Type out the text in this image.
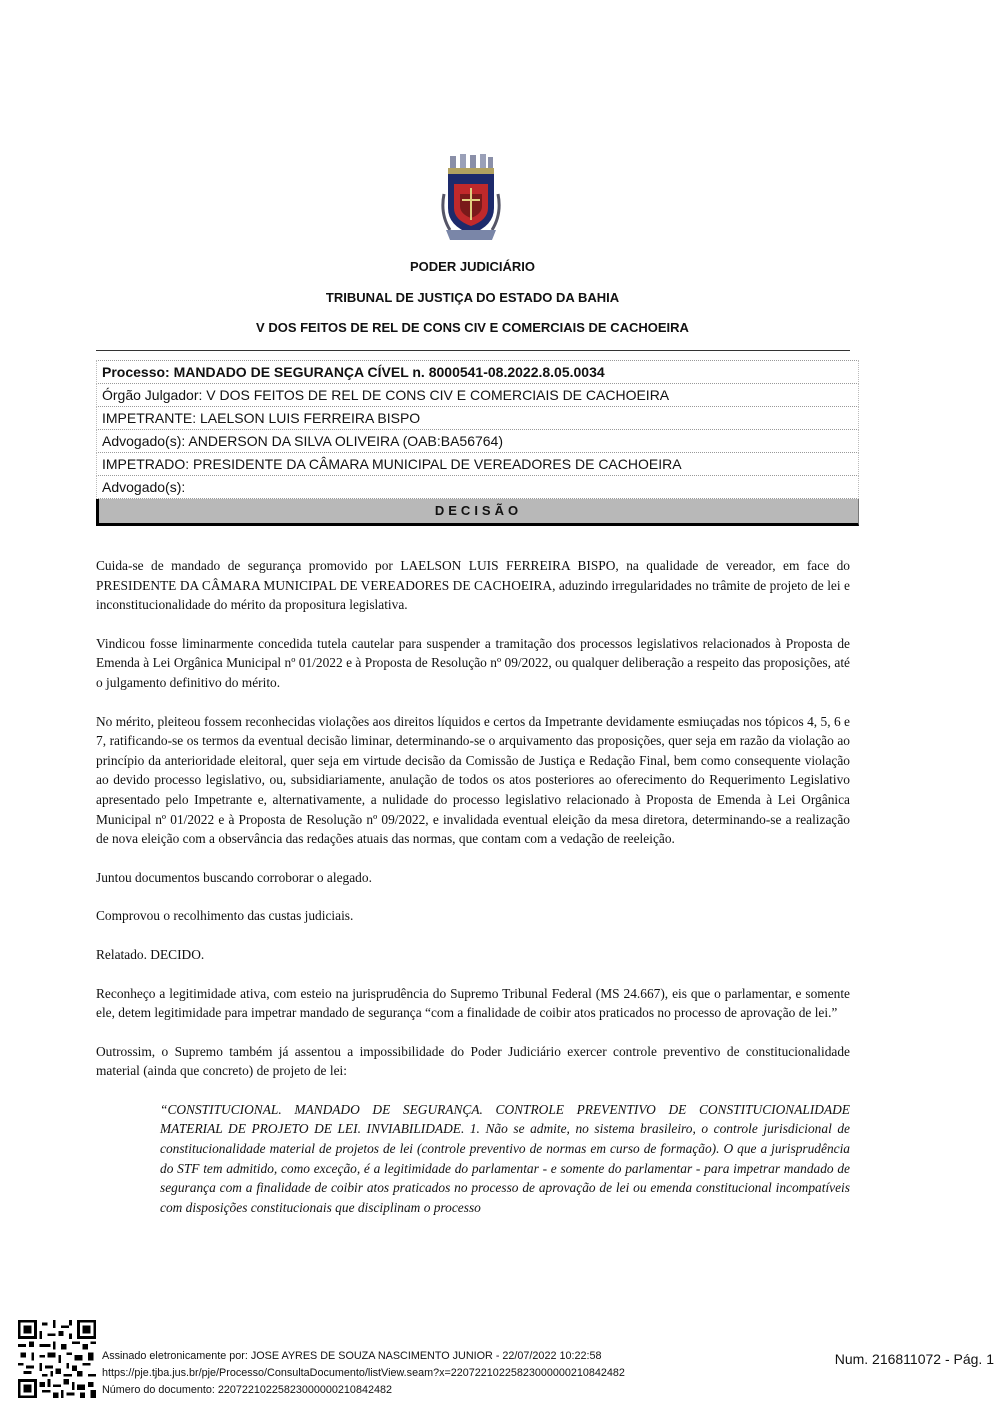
PODER JUDICIÁRIO
TRIBUNAL DE JUSTIÇA DO ESTADO DA BAHIA
V DOS FEITOS DE REL DE CONS CIV E COMERCIAIS DE CACHOEIRA
Processo: MANDADO DE SEGURANÇA CÍVEL n. 8000541-08.2022.8.05.0034
Órgão Julgador: V DOS FEITOS DE REL DE CONS CIV E COMERCIAIS DE CACHOEIRA
IMPETRANTE: LAELSON LUIS FERREIRA BISPO
Advogado(s): ANDERSON DA SILVA OLIVEIRA (OAB:BA56764)
IMPETRADO: PRESIDENTE DA CÂMARA MUNICIPAL DE VEREADORES DE CACHOEIRA
Advogado(s):
DECISÃO

Cuida-se de mandado de segurança promovido por LAELSON LUIS FERREIRA BISPO, na qualidade de vereador, em face do PRESIDENTE DA CÂMARA MUNICIPAL DE VEREADORES DE CACHOEIRA, aduzindo irregularidades no trâmite de projeto de lei e inconstitucionalidade do mérito da propositura legislativa.

Vindicou fosse liminarmente concedida tutela cautelar para suspender a tramitação dos processos legislativos relacionados à Proposta de Emenda à Lei Orgânica Municipal nº 01/2022 e à Proposta de Resolução nº 09/2022, ou qualquer deliberação a respeito das proposições, até o julgamento definitivo do mérito.

No mérito, pleiteou fossem reconhecidas violações aos direitos líquidos e certos da Impetrante devidamente esmiuçadas nos tópicos 4, 5, 6 e 7, ratificando-se os termos da eventual decisão liminar, determinando-se o arquivamento das proposições, quer seja em razão da violação ao princípio da anterioridade eleitoral, quer seja em virtude decisão da Comissão de Justiça e Redação Final, bem como consequente violação ao devido processo legislativo, ou, subsidiariamente, anulação de todos os atos posteriores ao oferecimento do Requerimento Legislativo apresentado pelo Impetrante e, alternativamente, a nulidade do processo legislativo relacionado à Proposta de Emenda à Lei Orgânica Municipal nº 01/2022 e à Proposta de Resolução nº 09/2022, e invalidada eventual eleição da mesa diretora, determinando-se a realização de nova eleição com a observância das redações atuais das normas, que contam com a vedação de reeleição.

Juntou documentos buscando corroborar o alegado.

Comprovou o recolhimento das custas judiciais.

Relatado. DECIDO.

Reconheço a legitimidade ativa, com esteio na jurisprudência do Supremo Tribunal Federal (MS 24.667), eis que o parlamentar, e somente ele, detem legitimidade para impetrar mandado de segurança “com a finalidade de coibir atos praticados no processo de aprovação de lei.”

Outrossim, o Supremo também já assentou a impossibilidade do Poder Judiciário exercer controle preventivo de constitucionalidade material (ainda que concreto) de projeto de lei:

“CONSTITUCIONAL. MANDADO DE SEGURANÇA. CONTROLE PREVENTIVO DE CONSTITUCIONALIDADE MATERIAL DE PROJETO DE LEI. INVIABILIDADE. 1. Não se admite, no sistema brasileiro, o controle jurisdicional de constitucionalidade material de projetos de lei (controle preventivo de normas em curso de formação). O que a jurisprudência do STF tem admitido, como exceção, é a legitimidade do parlamentar - e somente do parlamentar - para impetrar mandado de segurança com a finalidade de coibir atos praticados no processo de aprovação de lei ou emenda constitucional incompatíveis com disposições constitucionais que disciplinam o processo

Assinado eletronicamente por: JOSE AYRES DE SOUZA NASCIMENTO JUNIOR - 22/07/2022 10:22:58
https://pje.tjba.jus.br/pje/Processo/ConsultaDocumento/listView.seam?x=22072210225823000000210842482
Número do documento: 22072210225823000000210842482
Num. 216811072 - Pág. 1
